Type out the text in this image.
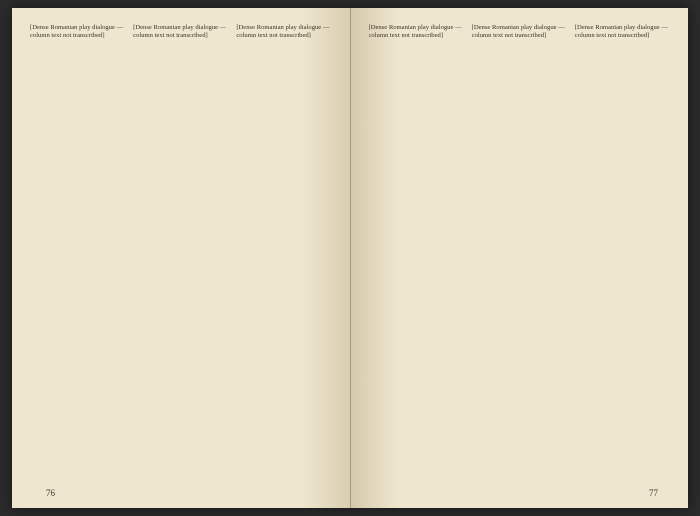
[Dense Romanian play dialogue — column text not transcribed]
[Dense Romanian play dialogue — column text not transcribed]
[Dense Romanian play dialogue — column text not transcribed]
76
[Dense Romanian play dialogue — column text not transcribed]
[Dense Romanian play dialogue — column text not transcribed]
[Dense Romanian play dialogue — column text not transcribed]
77
